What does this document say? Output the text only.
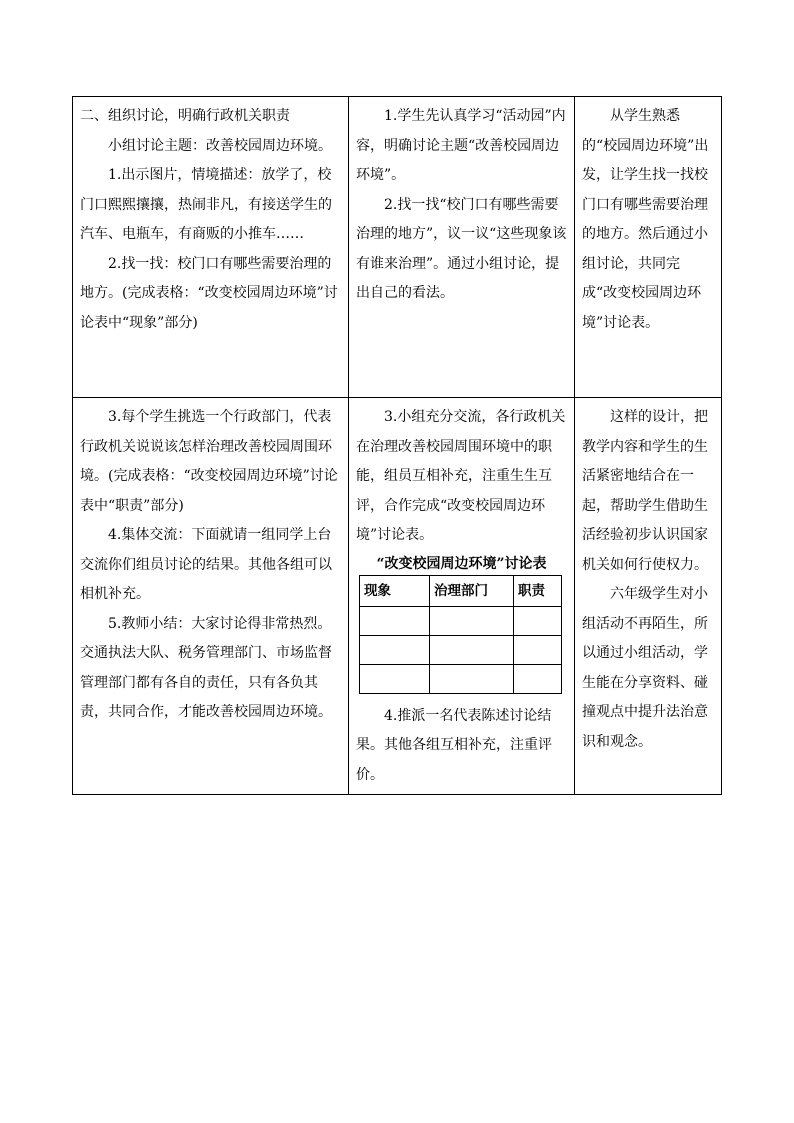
二、组织讨论，明确行政机关职责

小组讨论主题：改善校园周边环境。

1.出示图片，情境描述：放学了，校门口熙熙攘攘，热闹非凡，有接送学生的汽车、电瓶车，有商贩的小推车……

2.找一找：校门口有哪些需要治理的地方。(完成表格：“改变校园周边环境”讨论表中“现象”部分)

1.学生先认真学习“活动园”内容，明确讨论主题“改善校园周边环境”。

2.找一找“校门口有哪些需要治理的地方”，议一议“这些现象该有谁来治理”。通过小组讨论，提出自己的看法。

从学生熟悉的“校园周边环境”出发，让学生找一找校门口有哪些需要治理的地方。然后通过小组讨论，共同完成“改变校园周边环境”讨论表。

3.每个学生挑选一个行政部门，代表行政机关说说该怎样治理改善校园周围环境。(完成表格：“改变校园周边环境”讨论表中“职责”部分)

4.集体交流：下面就请一组同学上台交流你们组员讨论的结果。其他各组可以相机补充。

5.教师小结：大家讨论得非常热烈。交通执法大队、税务管理部门、市场监督管理部门都有各自的责任，只有各负其责，共同合作，才能改善校园周边环境。

3.小组充分交流，各行政机关在治理改善校园周围环境中的职能，组员互相补充，注重生生互评，合作完成“改变校园周边环境”讨论表。

“改变校园周边环境”讨论表

现象	治理部门	职责

4.推派一名代表陈述讨论结果。其他各组互相补充，注重评价。

这样的设计，把教学内容和学生的生活紧密地结合在一起，帮助学生借助生活经验初步认识国家机关如何行使权力。

六年级学生对小组活动不再陌生，所以通过小组活动，学生能在分享资料、碰撞观点中提升法治意识和观念。
